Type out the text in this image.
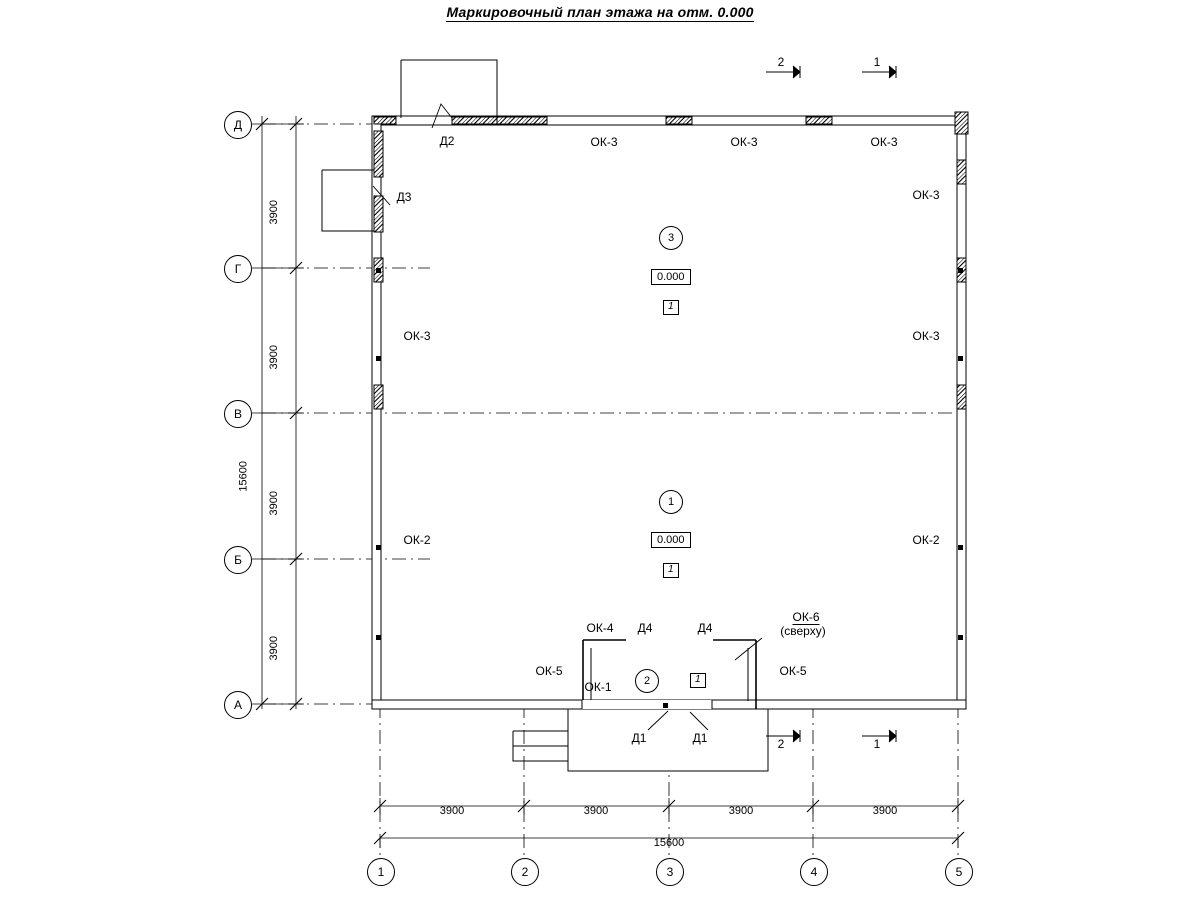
Маркировочный план этажа на отм. 0.000
Д
Г
В
Б
А
1	2	3	4	5
3900
3900
3900
3900
15600
3900	3900	3900	3900
15600
2	1
2	1
3
0.000
1
1
0.000
1
2	1
ОК-3	ОК-3	ОК-3
ОК-3
ОК-3
ОК-3
ОК-2	ОК-2
ОК-4
ОК-5
ОК-1
ОК-5
ОК-6
(сверху)
Д2
Д3
Д4	Д4
Д1	Д1
